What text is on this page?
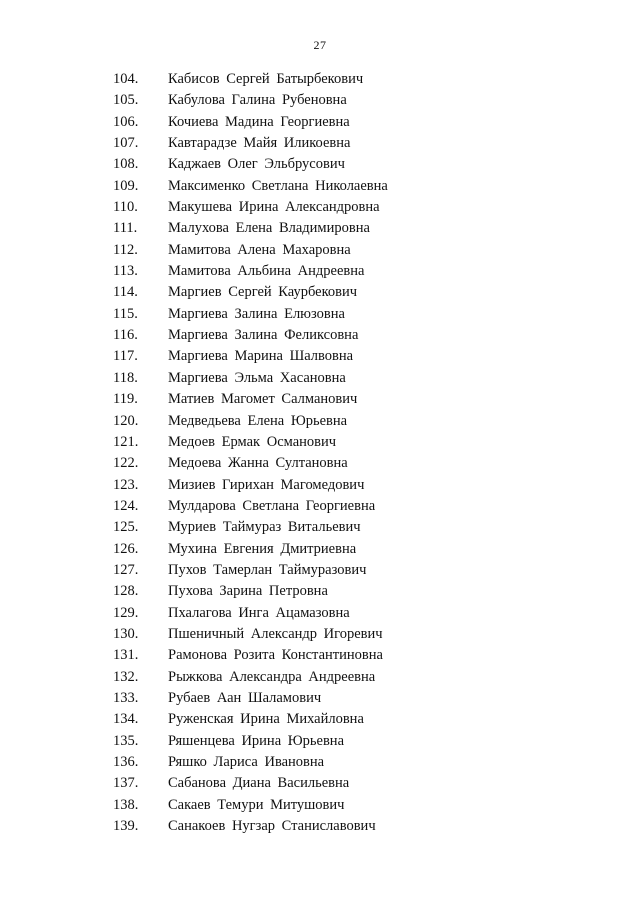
27
104. Кабисов Сергей Батырбекович
105. Кабулова Галина Рубеновна
106. Кочиева Мадина Георгиевна
107. Кавтарадзе Майя Иликоевна
108. Каджаев Олег Эльбрусович
109. Максименко Светлана Николаевна
110. Макушева Ирина Александровна
111. Малухова Елена Владимировна
112. Мамитова Алена Махаровна
113. Мамитова Альбина Андреевна
114. Маргиев Сергей Каурбекович
115. Маргиева Залина Елюзовна
116. Маргиева Залина Феликсовна
117. Маргиева Марина Шалвовна
118. Маргиева Эльма Хасановна
119. Матиев Магомет Салманович
120. Медведьева Елена Юрьевна
121. Медоев Ермак Османович
122. Медоева Жанна Султановна
123. Мизиев Гирихан Магомедович
124. Мулдарова Светлана Георгиевна
125. Муриев Таймураз Витальевич
126. Мухина Евгения Дмитриевна
127. Пухов Тамерлан Таймуразович
128. Пухова Зарина Петровна
129. Пхалагова Инга Ацамазовна
130. Пшеничный Александр Игоревич
131. Рамонова Розита Константиновна
132. Рыжкова Александра Андреевна
133. Рубаев Аан Шаламович
134. Руженская Ирина Михайловна
135. Ряшенцева Ирина Юрьевна
136. Ряшко Лариса Ивановна
137. Сабанова Диана Васильевна
138. Сакаев Темури Митушович
139. Санакоев Нугзар Станиславович
